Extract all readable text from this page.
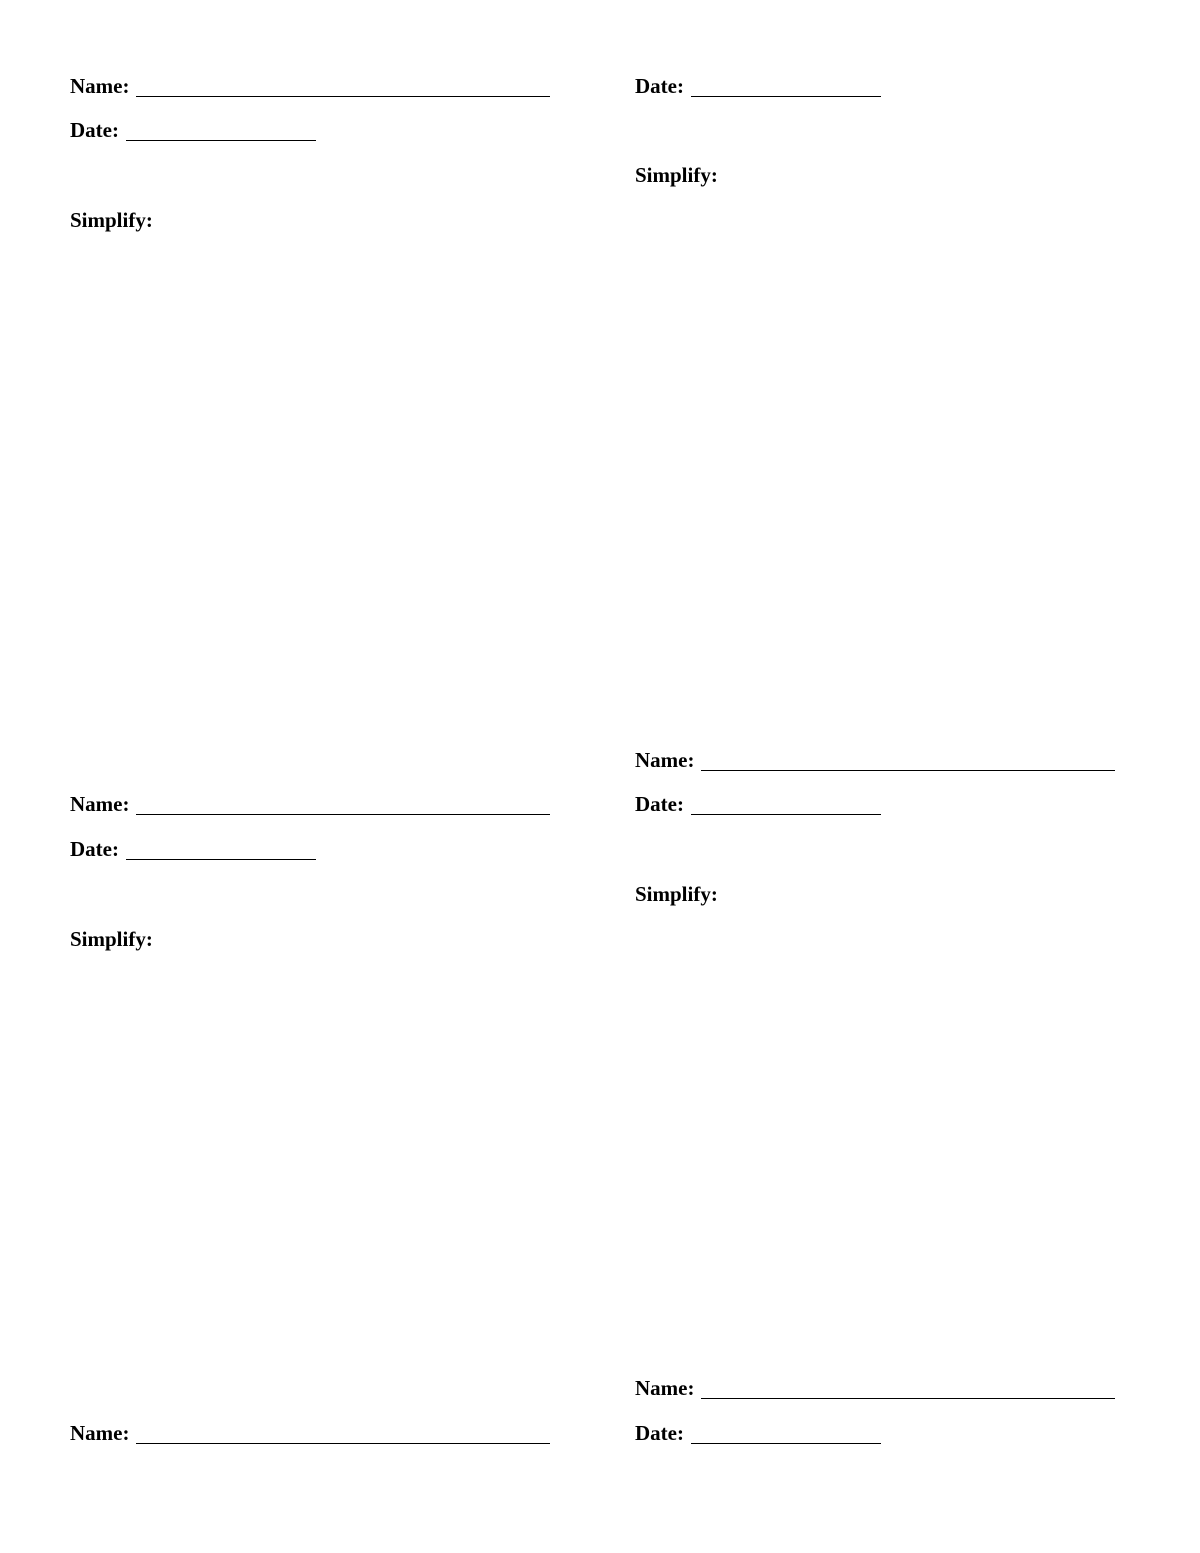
Name:
Date:
Simplify:
Name:
Date:
Simplify:
Name:
Date:
Simplify:
Name:
Date:
Simplify:
Name:
Date:
